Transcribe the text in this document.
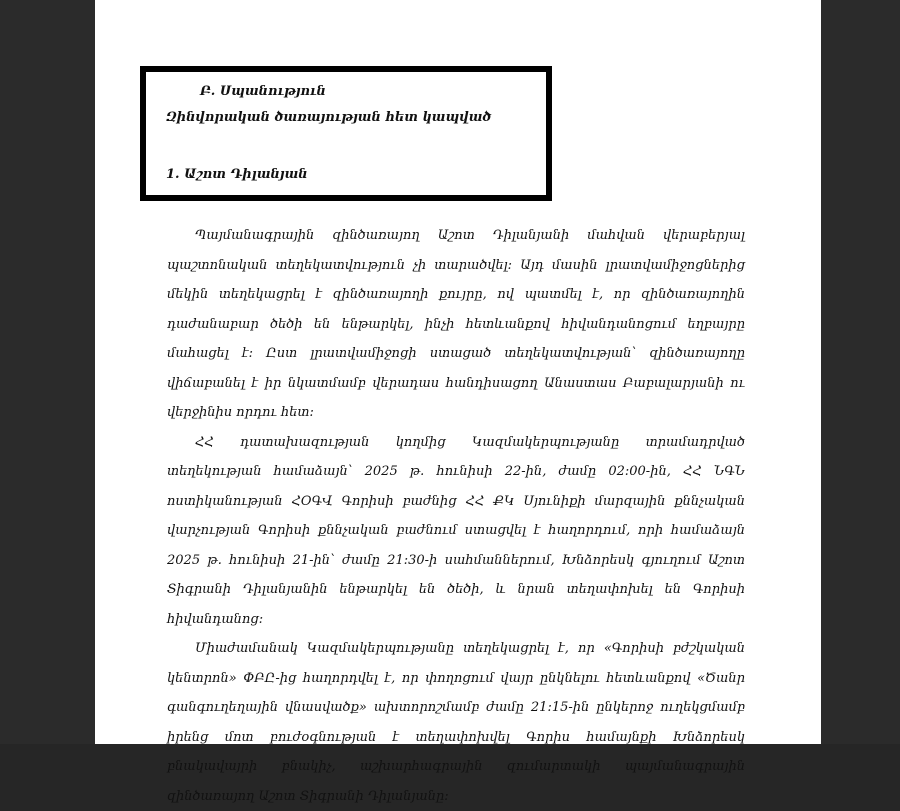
Բ. Սպանություն
Զինվորական ծառայության հետ կապված
1. Աշոտ Դիլանյան

Պայմանագրային զինծառայող Աշոտ Դիլանյանի մահվան վերաբերյալ պաշտոնական տեղեկատվություն չի տարածվել։ Այդ մասին լրատվամիջոցներից մեկին տեղեկացրել է զինծառայողի քույրը, ով պատմել է, որ զինծառայողին դաժանաբար ծեծի են ենթարկել, ինչի հետևանքով հիվանդանոցում եղբայրը մահացել է։ Ըստ լրատվամիջոցի ստացած տեղեկատվության՝ զինծառայողը վիճաբանել է իր նկատմամբ վերադաս հանդիսացող Անաստաս Բաբալարյանի ու վերջինիս որդու հետ։

ՀՀ դատախազության կողմից Կազմակերպությանը տրամադրված տեղեկության համաձայն՝ 2025 թ. հունիսի 22-ին, ժամը 02:00-ին, ՀՀ ՆԳՆ ոստիկանության ՀՕԳՎ Գորիսի բաժնից ՀՀ ՔԿ Սյունիքի մարզային քննչական վարչության Գորիսի քննչական բաժնում ստացվել է հաղորդում, որի համաձայն 2025 թ. հունիսի 21-ին՝ ժամը 21:30-ի սահմաններում, Խնձորեսկ գյուղում Աշոտ Տիգրանի Դիլանյանին ենթարկել են ծեծի, և նրան տեղափոխել են Գորիսի հիվանդանոց։

Միաժամանակ Կազմակերպությանը տեղեկացրել է, որ «Գորիսի բժշկական կենտրոն» ՓԲԸ-ից հաղորդվել է, որ փողոցում վայր ընկնելու հետևանքով «Ծանր գանգուղեղային վնասվածք» ախտորոշմամբ ժամը 21:15-ին ընկերոջ ուղեկցմամբ իրենց մոտ բուժօգնության է տեղափոխվել Գորիս համայնքի Խնձորեսկ բնակավայրի բնակիչ, աշխարհագրային զումարտակի պայմանագրային զինծառայող Աշոտ Տիգրանի Դիլանյանը։
